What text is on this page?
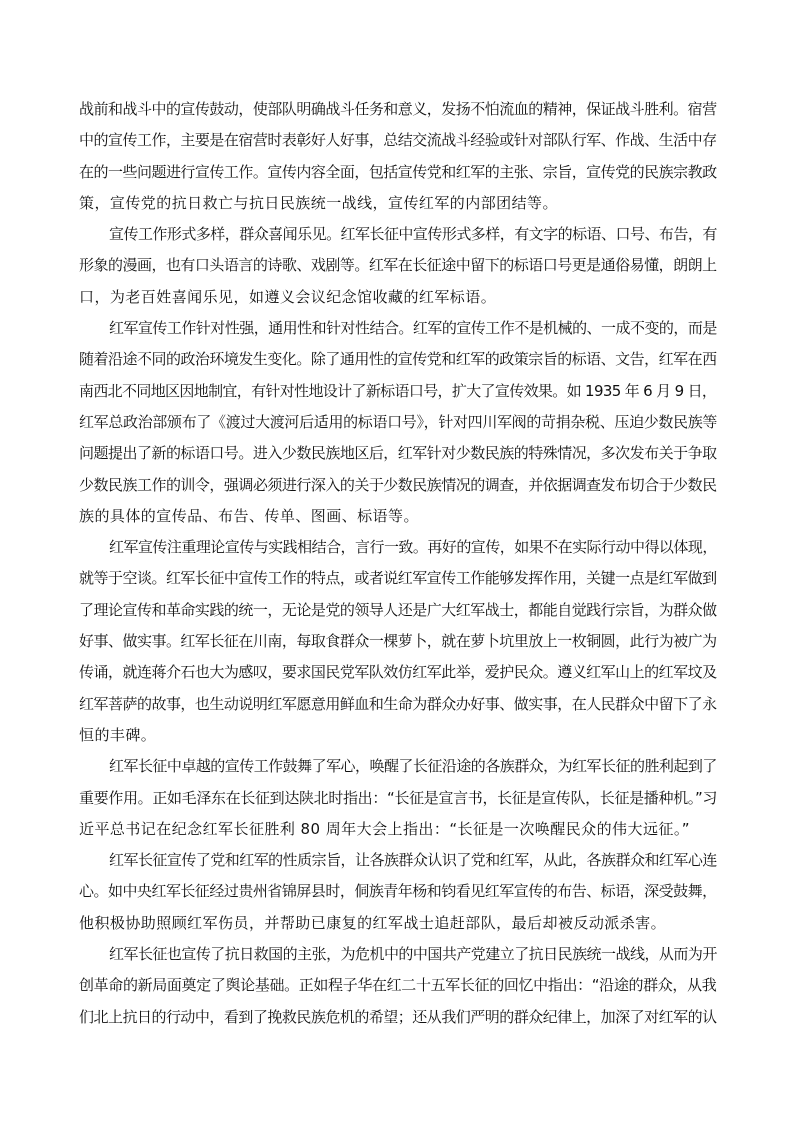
战前和战斗中的宣传鼓动，使部队明确战斗任务和意义，发扬不怕流血的精神，保证战斗胜利。宿营

中的宣传工作，主要是在宿营时表彰好人好事，总结交流战斗经验或针对部队行军、作战、生活中存

在的一些问题进行宣传工作。宣传内容全面，包括宣传党和红军的主张、宗旨，宣传党的民族宗教政

策，宣传党的抗日救亡与抗日民族统一战线，宣传红军的内部团结等。

宣传工作形式多样，群众喜闻乐见。红军长征中宣传形式多样，有文字的标语、口号、布告，有

形象的漫画，也有口头语言的诗歌、戏剧等。红军在长征途中留下的标语口号更是通俗易懂，朗朗上

口，为老百姓喜闻乐见，如遵义会议纪念馆收藏的红军标语。

红军宣传工作针对性强，通用性和针对性结合。红军的宣传工作不是机械的、一成不变的，而是

随着沿途不同的政治环境发生变化。除了通用性的宣传党和红军的政策宗旨的标语、文告，红军在西

南西北不同地区因地制宜，有针对性地设计了新标语口号，扩大了宣传效果。如 1935 年 6 月 9 日，

红军总政治部颁布了《渡过大渡河后适用的标语口号》，针对四川军阀的苛捐杂税、压迫少数民族等

问题提出了新的标语口号。进入少数民族地区后，红军针对少数民族的特殊情况，多次发布关于争取

少数民族工作的训令，强调必须进行深入的关于少数民族情况的调查，并依据调查发布切合于少数民

族的具体的宣传品、布告、传单、图画、标语等。

红军宣传注重理论宣传与实践相结合，言行一致。再好的宣传，如果不在实际行动中得以体现，

就等于空谈。红军长征中宣传工作的特点，或者说红军宣传工作能够发挥作用，关键一点是红军做到

了理论宣传和革命实践的统一，无论是党的领导人还是广大红军战士，都能自觉践行宗旨，为群众做

好事、做实事。红军长征在川南，每取食群众一棵萝卜，就在萝卜坑里放上一枚铜圆，此行为被广为

传诵，就连蒋介石也大为感叹，要求国民党军队效仿红军此举，爱护民众。遵义红军山上的红军坟及

红军菩萨的故事，也生动说明红军愿意用鲜血和生命为群众办好事、做实事，在人民群众中留下了永

恒的丰碑。

红军长征中卓越的宣传工作鼓舞了军心，唤醒了长征沿途的各族群众，为红军长征的胜利起到了

重要作用。正如毛泽东在长征到达陕北时指出：“长征是宣言书，长征是宣传队，长征是播种机。”习

近平总书记在纪念红军长征胜利 80 周年大会上指出：“长征是一次唤醒民众的伟大远征。”

红军长征宣传了党和红军的性质宗旨，让各族群众认识了党和红军，从此，各族群众和红军心连

心。如中央红军长征经过贵州省锦屏县时，侗族青年杨和钧看见红军宣传的布告、标语，深受鼓舞，

他积极协助照顾红军伤员，并帮助已康复的红军战士追赶部队，最后却被反动派杀害。

红军长征也宣传了抗日救国的主张，为危机中的中国共产党建立了抗日民族统一战线，从而为开

创革命的新局面奠定了舆论基础。正如程子华在红二十五军长征的回忆中指出：“沿途的群众，从我

们北上抗日的行动中，看到了挽救民族危机的希望；还从我们严明的群众纪律上，加深了对红军的认
